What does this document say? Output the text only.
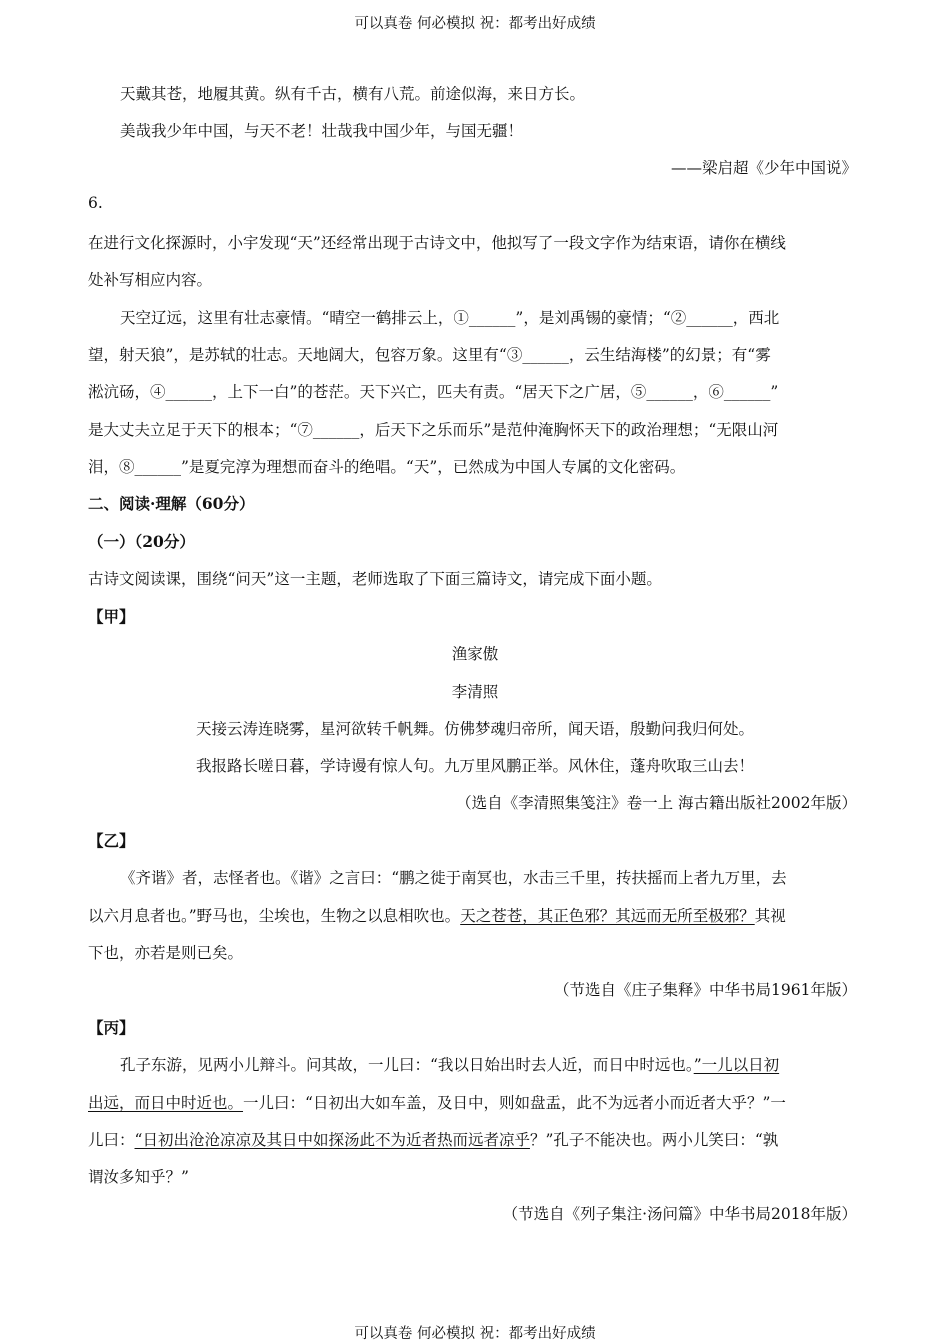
可以真卷 何必模拟 祝：都考出好成绩
天戴其苍，地履其黄。纵有千古，横有八荒。前途似海，来日方长。
美哉我少年中国，与天不老！壮哉我中国少年，与国无疆！
——梁启超《少年中国说》
6.
在进行文化探源时，小宇发现“天”还经常出现于古诗文中，他拟写了一段文字作为结束语，请你在横线
处补写相应内容。
天空辽远，这里有壮志豪情。“晴空一鹤排云上，①______”，是刘禹锡的豪情；“②______，西北
望，射天狼”，是苏轼的壮志。天地阔大，包容万象。这里有“③______，云生结海楼”的幻景；有“雾
淞沆砀，④______，上下一白”的苍茫。天下兴亡，匹夫有责。“居天下之广居，⑤______，⑥______”
是大丈夫立足于天下的根本；“⑦______，后天下之乐而乐”是范仲淹胸怀天下的政治理想；“无限山河
泪，⑧______”是夏完淳为理想而奋斗的绝唱。“天”，已然成为中国人专属的文化密码。
二、阅读·理解（60分）
（一）（20分）
古诗文阅读课，围绕“问天”这一主题，老师选取了下面三篇诗文，请完成下面小题。
【甲】
渔家傲
李清照
天接云涛连晓雾，星河欲转千帆舞。仿佛梦魂归帝所，闻天语，殷勤问我归何处。
我报路长嗟日暮，学诗谩有惊人句。九万里风鹏正举。风休住，蓬舟吹取三山去！
（选自《李清照集笺注》卷一上 海古籍出版社2002年版）
【乙】
《齐谐》者，志怪者也。《谐》之言曰：“鹏之徙于南冥也，水击三千里，抟扶摇而上者九万里，去
以六月息者也。”野马也，尘埃也，生物之以息相吹也。天之苍苍，其正色邪？其远而无所至极邪？其视
下也，亦若是则已矣。
（节选自《庄子集释》中华书局1961年版）
【丙】
孔子东游，见两小儿辩斗。问其故，一儿曰：“我以日始出时去人近，而日中时远也。”一儿以日初
出远，而日中时近也。一儿曰：“日初出大如车盖，及日中，则如盘盂，此不为远者小而近者大乎？”一
儿曰：“日初出沧沧凉凉及其日中如探汤此不为近者热而远者凉乎？”孔子不能决也。两小儿笑曰：“孰
谓汝多知乎？”
（节选自《列子集注·汤问篇》中华书局2018年版）
可以真卷 何必模拟 祝：都考出好成绩
